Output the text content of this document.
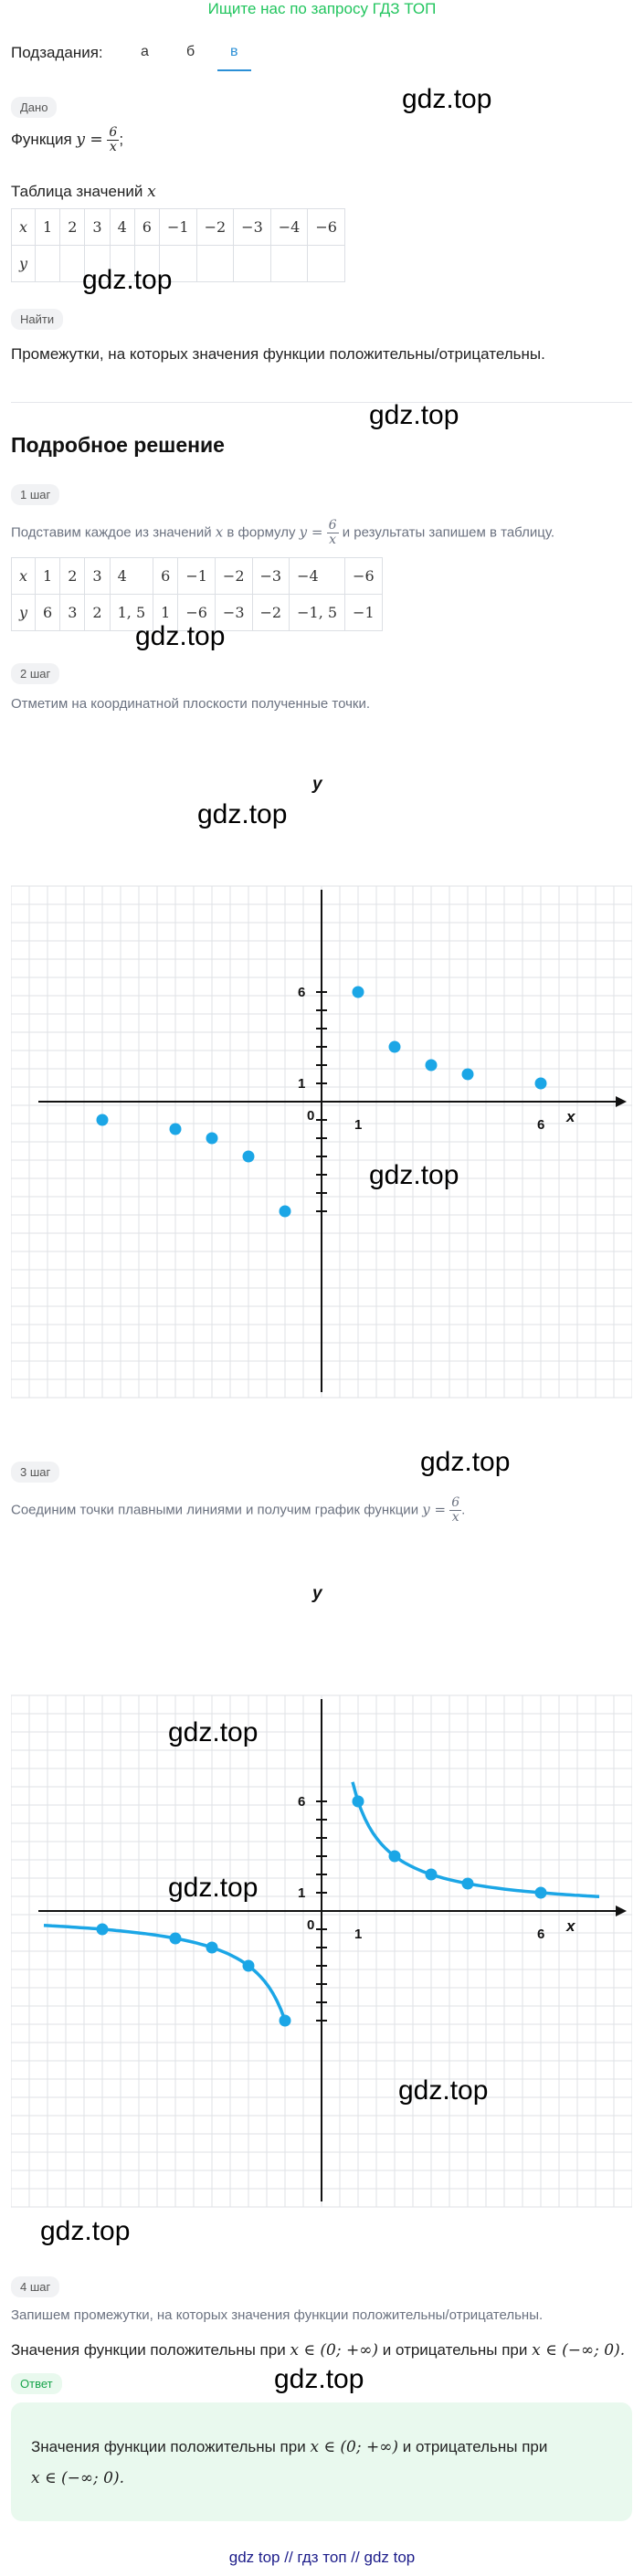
Ищите нас по запросу ГДЗ ТОП
Подзадания:	а	б	в
Дано
Функция $y = \frac{6}{x}$ ;
Таблица значений x
x	1	2	3	4	6	−1	−2	−3	−4	−6
y										
Найти
Промежутки, на которых значения функции положительны/отрицательны.
Подробное решение
1 шаг
Подставим каждое из значений x в формулу $y = \frac{6}{x}$ и результаты запишем в таблицу.
x	1	2	3	4	6	−1	−2	−3	−4	−6
y	6	3	2	1, 5	1	−6	−3	−2	−1, 5	−1
2 шаг
Отметим на координатной плоскости полученные точки.
y
x
0
1	6
1
6
3 шаг
Соединим точки плавными линиями и получим график функции $y = \frac{6}{x}$ .
y
x
0
1	6
1
6
4 шаг
Запишем промежутки, на которых значения функции положительны/отрицательны.
Значения функции положительны при x ∈ (0; +∞) и отрицательны при x ∈ (−∞; 0).
Ответ
Значения функции положительны при x ∈ (0; +∞) и отрицательны при
x ∈ (−∞; 0).
gdz top // гдз топ // gdz top
gdz.top
gdz.top
gdz.top
gdz.top
gdz.top
gdz.top
gdz.top
gdz.top
gdz.top
gdz.top
gdz.top
gdz.top
